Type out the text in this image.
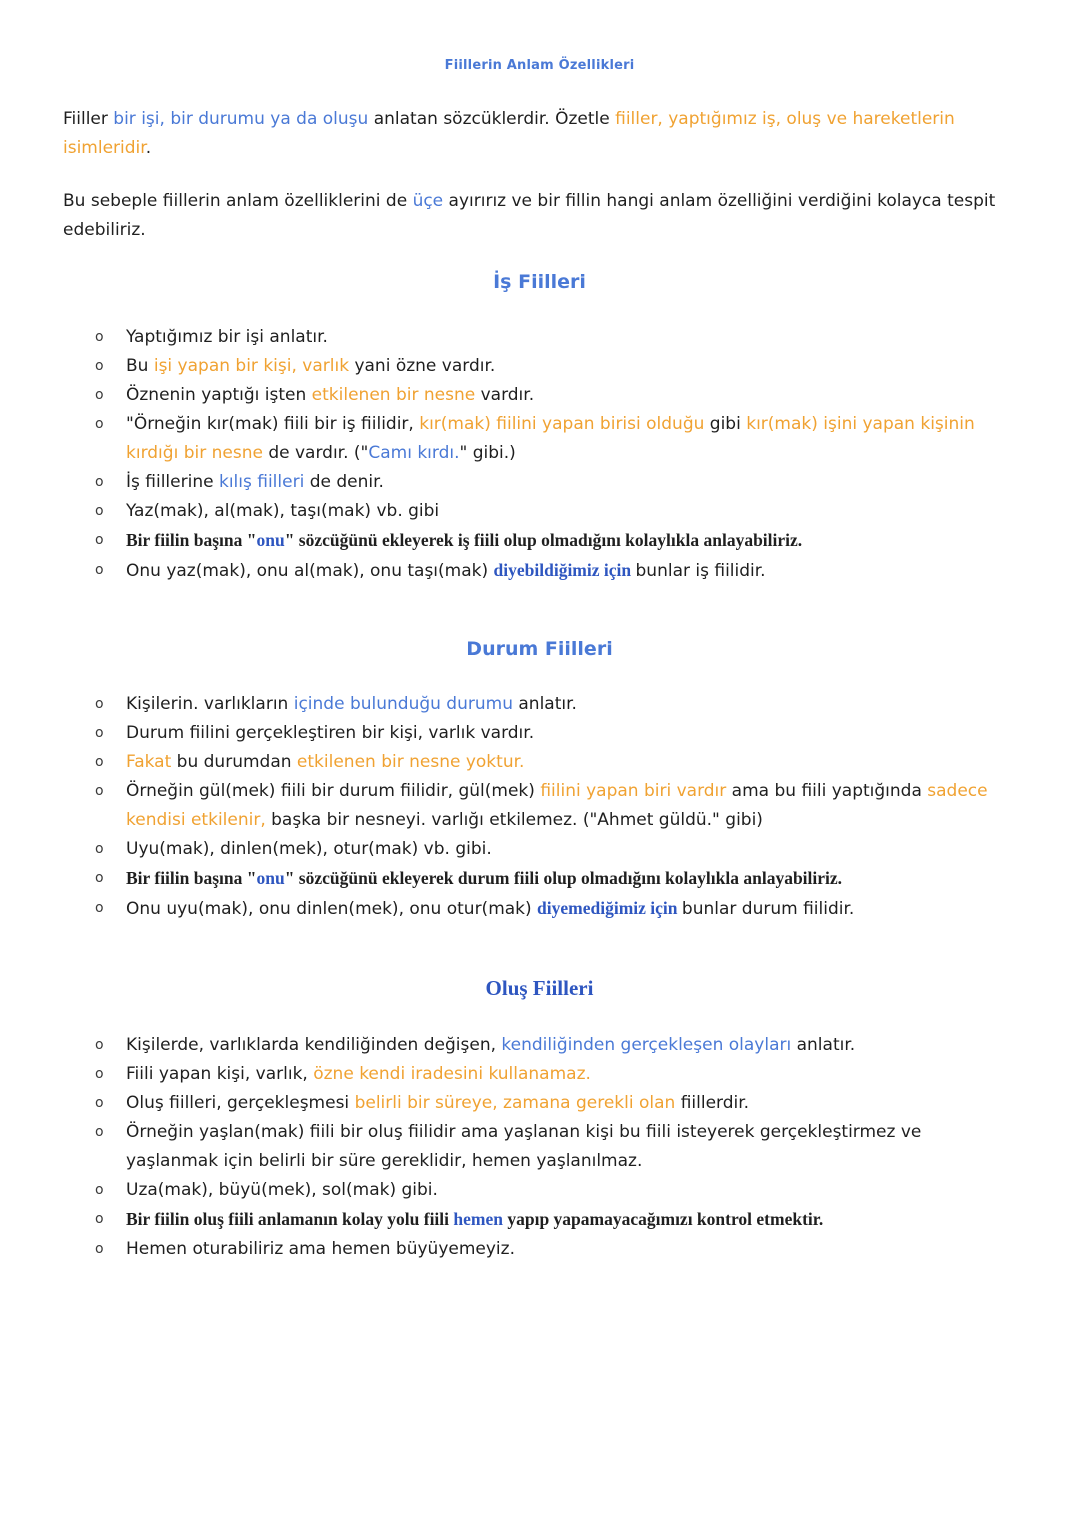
Fiillerin Anlam Özellikleri

Fiiller bir işi, bir durumu ya da oluşu anlatan sözcüklerdir. Özetle fiiller, yaptığımız iş, oluş ve hareketlerin isimleridir.

Bu sebeple fiillerin anlam özelliklerini de üçe ayırırız ve bir fillin hangi anlam özelliğini verdiğini kolayca tespit edebiliriz.

İş Fiilleri
o	Yaptığımız bir işi anlatır.
o	Bu işi yapan bir kişi, varlık yani özne vardır.
o	Öznenin yaptığı işten etkilenen bir nesne vardır.
o	"Örneğin kır(mak) fiili bir iş fiilidir, kır(mak) fiilini yapan birisi olduğu gibi kır(mak) işini yapan kişinin kırdığı bir nesne de vardır. ("Camı kırdı." gibi.)
o	İş fiillerine kılış fiilleri de denir.
o	Yaz(mak), al(mak), taşı(mak) vb. gibi
o	Bir fiilin başına "onu" sözcüğünü ekleyerek iş fiili olup olmadığını kolaylıkla anlayabiliriz.
o	Onu yaz(mak), onu al(mak), onu taşı(mak) diyebildiğimiz için bunlar iş fiilidir.
Durum Fiilleri
o	Kişilerin. varlıkların içinde bulunduğu durumu anlatır.
o	Durum fiilini gerçekleştiren bir kişi, varlık vardır.
o	Fakat bu durumdan etkilenen bir nesne yoktur.
o	Örneğin gül(mek) fiili bir durum fiilidir, gül(mek) fiilini yapan biri vardır ama bu fiili yaptığında sadece kendisi etkilenir, başka bir nesneyi. varlığı etkilemez. ("Ahmet güldü." gibi)
o	Uyu(mak), dinlen(mek), otur(mak) vb. gibi.
o	Bir fiilin başına "onu" sözcüğünü ekleyerek durum fiili olup olmadığını kolaylıkla anlayabiliriz.
o	Onu uyu(mak), onu dinlen(mek), onu otur(mak) diyemediğimiz için bunlar durum fiilidir.
Oluş Fiilleri
o	Kişilerde, varlıklarda kendiliğinden değişen, kendiliğinden gerçekleşen olayları anlatır.
o	Fiili yapan kişi, varlık, özne kendi iradesini kullanamaz.
o	Oluş fiilleri, gerçekleşmesi belirli bir süreye, zamana gerekli olan fiillerdir.
o	Örneğin yaşlan(mak) fiili bir oluş fiilidir ama yaşlanan kişi bu fiili isteyerek gerçekleştirmez ve yaşlanmak için belirli bir süre gereklidir, hemen yaşlanılmaz.
o	Uza(mak), büyü(mek), sol(mak) gibi.
o	Bir fiilin oluş fiili anlamanın kolay yolu fiili hemen yapıp yapamayacağımızı kontrol etmektir.
o	Hemen oturabiliriz ama hemen büyüyemeyiz.
